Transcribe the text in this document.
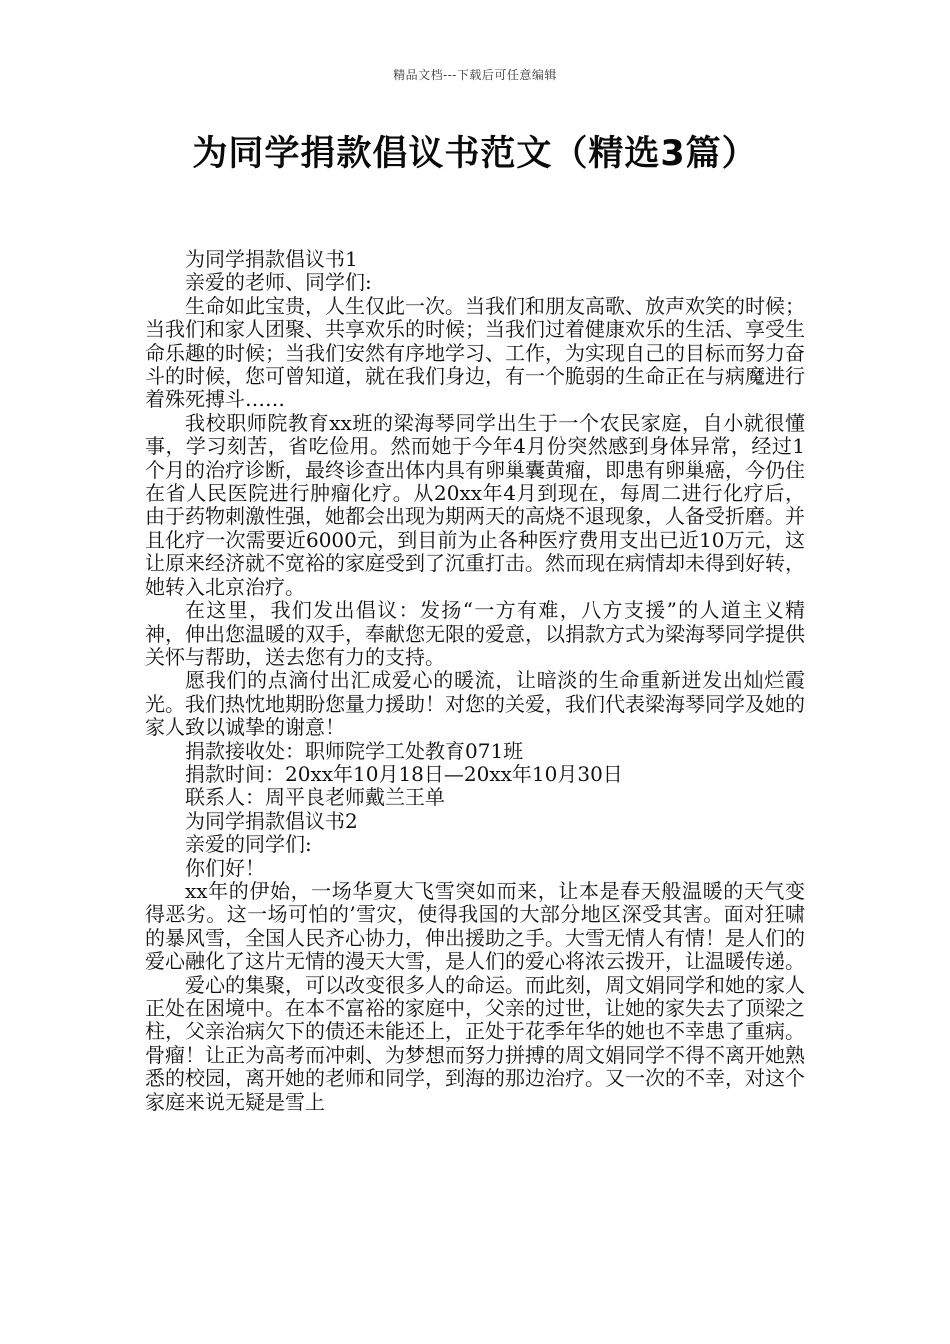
精品文档---下载后可任意编辑
为同学捐款倡议书范文（精选3篇）

为同学捐款倡议书1

亲爱的老师、同学们:

生命如此宝贵，人生仅此一次。当我们和朋友高歌、放声欢笑的时候；当我们和家人团聚、共享欢乐的时候；当我们过着健康欢乐的生活、享受生命乐趣的时候；当我们安然有序地学习、工作，为实现自己的目标而努力奋斗的时候，您可曾知道，就在我们身边，有一个脆弱的生命正在与病魔进行着殊死搏斗……

我校职师院教育xx班的梁海琴同学出生于一个农民家庭，自小就很懂事，学习刻苦，省吃俭用。然而她于今年4月份突然感到身体异常，经过1个月的治疗诊断，最终诊查出体内具有卵巢囊黄瘤，即患有卵巢癌，今仍住在省人民医院进行肿瘤化疗。从20xx年4月到现在，每周二进行化疗后，由于药物刺激性强，她都会出现为期两天的高烧不退现象，人备受折磨。并且化疗一次需要近6000元，到目前为止各种医疗费用支出已近10万元，这让原来经济就不宽裕的家庭受到了沉重打击。然而现在病情却未得到好转，她转入北京治疗。

在这里，我们发出倡议：发扬“一方有难，八方支援”的人道主义精神，伸出您温暖的双手，奉献您无限的爱意，以捐款方式为梁海琴同学提供关怀与帮助，送去您有力的支持。

愿我们的点滴付出汇成爱心的暖流，让暗淡的生命重新迸发出灿烂霞光。我们热忱地期盼您量力援助！对您的关爱，我们代表梁海琴同学及她的家人致以诚挚的谢意！

捐款接收处：职师院学工处教育071班

捐款时间：20xx年10月18日—20xx年10月30日

联系人：周平良老师戴兰王单

为同学捐款倡议书2

亲爱的同学们:

你们好！

xx年的伊始，一场华夏大飞雪突如而来，让本是春天般温暖的天气变得恶劣。这一场可怕的’雪灾，使得我国的大部分地区深受其害。面对狂啸的暴风雪，全国人民齐心协力，伸出援助之手。大雪无情人有情！是人们的爱心融化了这片无情的漫天大雪，是人们的爱心将浓云拨开，让温暖传递。

爱心的集聚，可以改变很多人的命运。而此刻，周文娟同学和她的家人正处在困境中。在本不富裕的家庭中，父亲的过世，让她的家失去了顶梁之柱，父亲治病欠下的债还未能还上，正处于花季年华的她也不幸患了重病。骨瘤！让正为高考而冲刺、为梦想而努力拼搏的周文娟同学不得不离开她熟悉的校园，离开她的老师和同学，到海的那边治疗。又一次的不幸，对这个家庭来说无疑是雪上
